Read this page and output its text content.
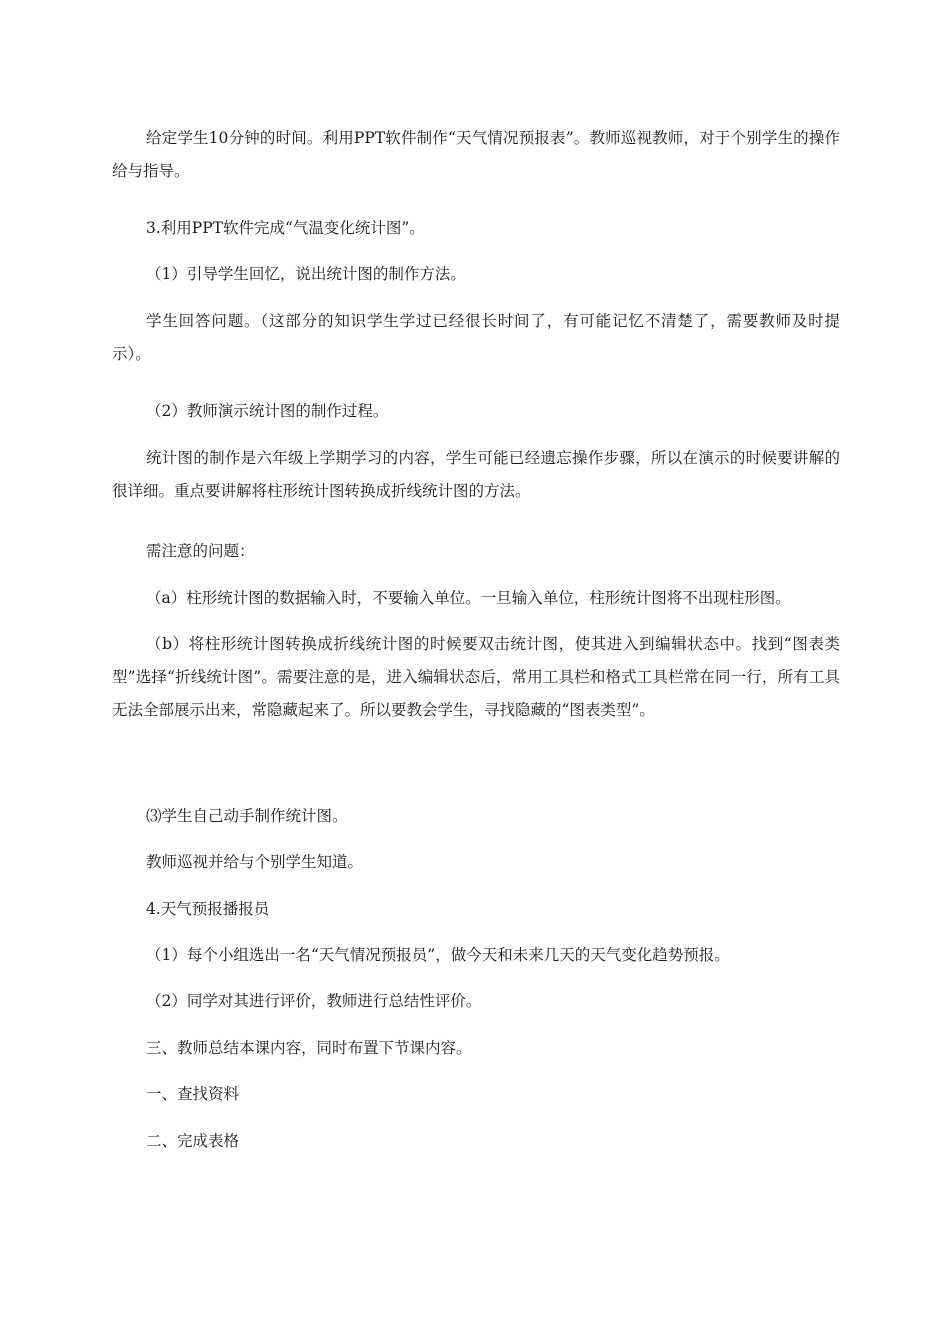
给定学生10分钟的时间。利用PPT软件制作“天气情况预报表”。教师巡视教师，对于个别学生的操作给与指导。

3.利用PPT软件完成“气温变化统计图”。

（1）引导学生回忆，说出统计图的制作方法。

学生回答问题。（这部分的知识学生学过已经很长时间了，有可能记忆不清楚了，需要教师及时提示）。

（2）教师演示统计图的制作过程。

统计图的制作是六年级上学期学习的内容，学生可能已经遗忘操作步骤，所以在演示的时候要讲解的很详细。重点要讲解将柱形统计图转换成折线统计图的方法。

需注意的问题：

（a）柱形统计图的数据输入时，不要输入单位。一旦输入单位，柱形统计图将不出现柱形图。

（b）将柱形统计图转换成折线统计图的时候要双击统计图，使其进入到编辑状态中。找到“图表类型”选择“折线统计图”。需要注意的是，进入编辑状态后，常用工具栏和格式工具栏常在同一行，所有工具无法全部展示出来，常隐藏起来了。所以要教会学生，寻找隐藏的“图表类型”。

⑶学生自己动手制作统计图。

教师巡视并给与个别学生知道。

4.天气预报播报员

（1）每个小组选出一名“天气情况预报员”，做今天和未来几天的天气变化趋势预报。

（2）同学对其进行评价，教师进行总结性评价。

三、教师总结本课内容，同时布置下节课内容。

一、查找资料

二、完成表格
